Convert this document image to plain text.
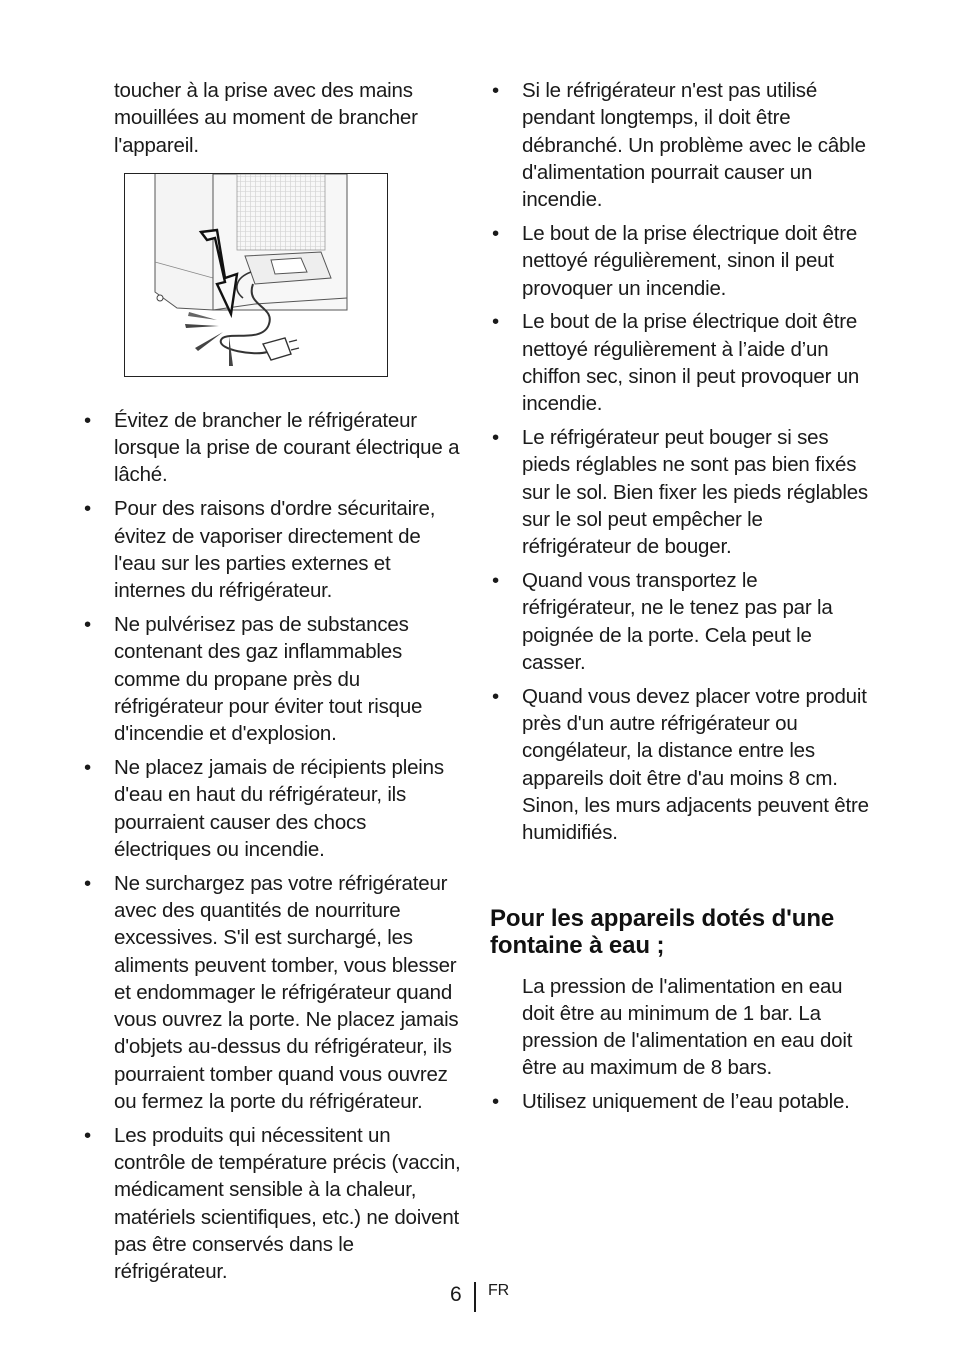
toucher à la prise avec des mains mouillées au moment de brancher l'appareil.

•	Évitez de brancher le réfrigérateur lorsque la prise de courant électrique a lâché.
•	Pour des raisons d'ordre sécuritaire, évitez de vaporiser directement de l'eau sur les parties externes et internes du réfrigérateur.
•	Ne pulvérisez pas de substances contenant des gaz inflammables comme du propane près du réfrigérateur pour éviter tout risque d'incendie et d'explosion.
•	Ne placez jamais de récipients pleins d'eau en haut du réfrigérateur, ils pourraient causer des chocs électriques ou incendie.
•	Ne surchargez pas votre réfrigérateur avec des quantités de nourriture excessives. S'il est surchargé, les aliments peuvent tomber, vous blesser et endommager le réfrigérateur quand vous ouvrez la porte. Ne placez jamais d'objets au-dessus du réfrigérateur, ils pourraient tomber quand vous ouvrez ou fermez la porte du réfrigérateur.
•	Les produits qui nécessitent un contrôle de température précis (vaccin, médicament sensible à la chaleur, matériels scientifiques, etc.) ne doivent pas être conservés dans le réfrigérateur.
•	Si le réfrigérateur n'est pas utilisé pendant longtemps, il doit être débranché. Un problème avec le câble d'alimentation pourrait causer un incendie.
•	Le bout de la prise électrique doit être nettoyé régulièrement, sinon il peut provoquer un incendie.
•	Le bout de la prise électrique doit être nettoyé régulièrement à l’aide d’un chiffon sec, sinon il peut provoquer un incendie.
•	Le réfrigérateur peut bouger si ses pieds réglables ne sont pas bien fixés sur le sol. Bien fixer les pieds réglables sur le sol peut empêcher le réfrigérateur de bouger.
•	Quand vous transportez le réfrigérateur, ne le tenez pas par la poignée de la porte. Cela peut le casser.
•	Quand vous devez placer votre produit près d'un autre réfrigérateur ou congélateur, la distance entre les appareils doit être d'au moins 8 cm. Sinon, les murs adjacents peuvent être humidifiés.
Pour les appareils dotés d'une fontaine à eau ;

La pression de l'alimentation en eau doit être au minimum de 1 bar. La pression de l'alimentation en eau doit être au maximum de 8 bars.

•	Utilisez uniquement de l’eau potable.
6 FR
